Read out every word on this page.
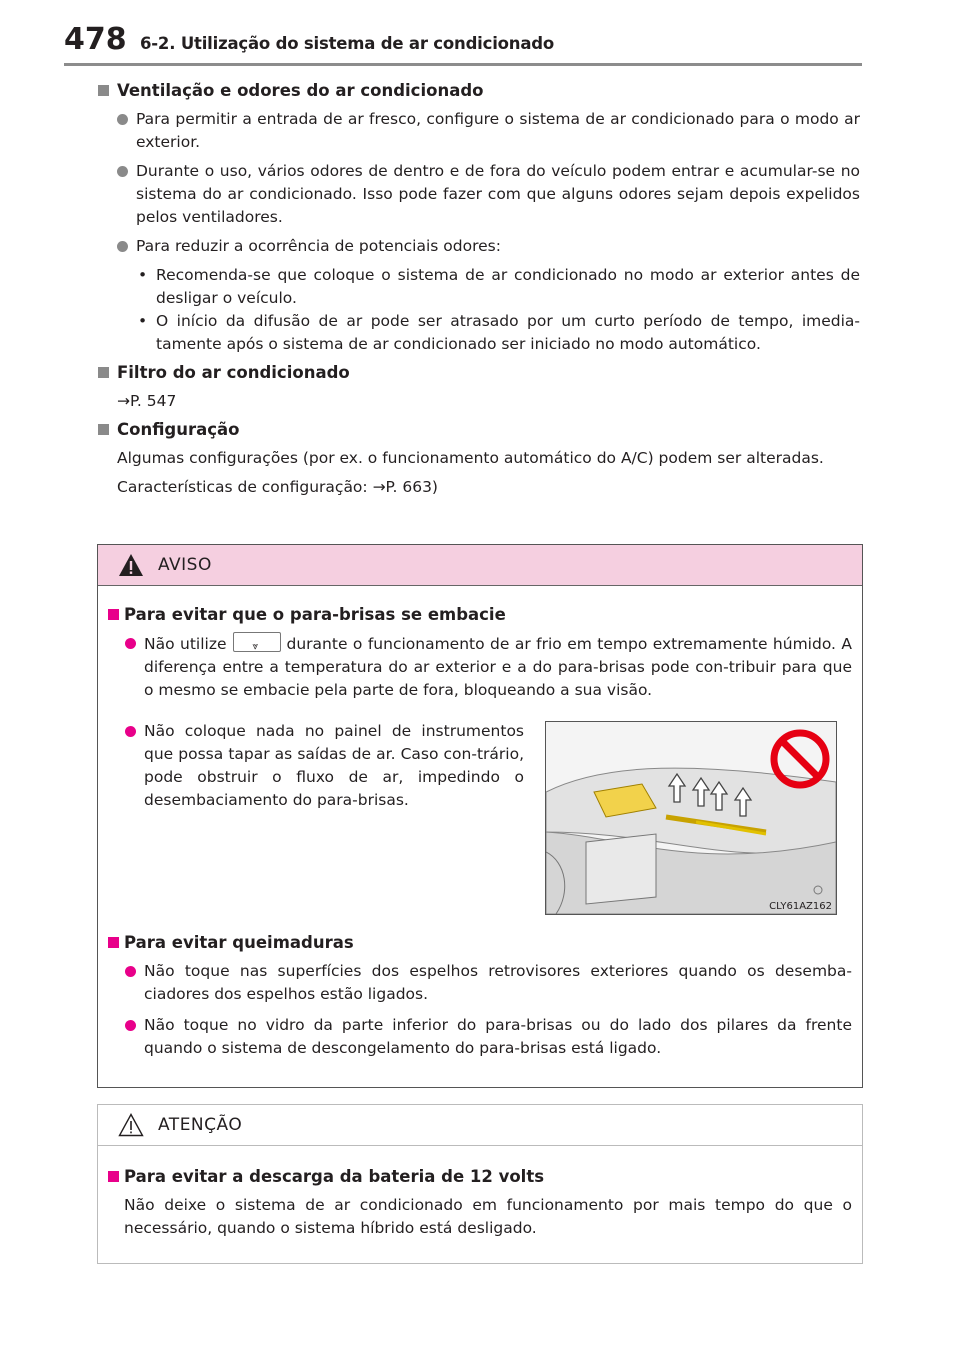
478 6-2. Utilização do sistema de ar condicionado
Ventilação e odores do ar condicionado
Para permitir a entrada de ar fresco, configure o sistema de ar condicionado para o modo ar exterior.
Durante o uso, vários odores de dentro e de fora do veículo podem entrar e acumular-se no sistema do ar condicionado. Isso pode fazer com que alguns odores sejam depois expelidos pelos ventiladores.
Para reduzir a ocorrência de potenciais odores:
• Recomenda-se que coloque o sistema de ar condicionado no modo ar exterior antes de desligar o veículo.
• O início da difusão de ar pode ser atrasado por um curto período de tempo, imedia-tamente após o sistema de ar condicionado ser iniciado no modo automático.
Filtro do ar condicionado
→P. 547
Configuração
Algumas configurações (por ex. o funcionamento automático do A/C) podem ser alteradas.
Características de configuração: →P. 663)
AVISO
Para evitar que o para-brisas se embacie
Não utilize	⩔ durante o funcionamento de ar frio em tempo extremamente húmido. A diferença entre a temperatura do ar exterior e a do para-brisas pode con-tribuir para que o mesmo se embacie pela parte de fora, bloqueando a sua visão.
Não coloque nada no painel de instrumentos que possa tapar as saídas de ar. Caso con-trário, pode obstruir o fluxo de ar, impedindo o desembaciamento do para-brisas.
Para evitar queimaduras
Não toque nas superfícies dos espelhos retrovisores exteriores quando os desemba-ciadores dos espelhos estão ligados.
Não toque no vidro da parte inferior do para-brisas ou do lado dos pilares da frente quando o sistema de descongelamento do para-brisas está ligado.
CLY61AZ162
ATENÇÃO
Para evitar a descarga da bateria de 12 volts
Não deixe o sistema de ar condicionado em funcionamento por mais tempo do que o necessário, quando o sistema híbrido está desligado.
